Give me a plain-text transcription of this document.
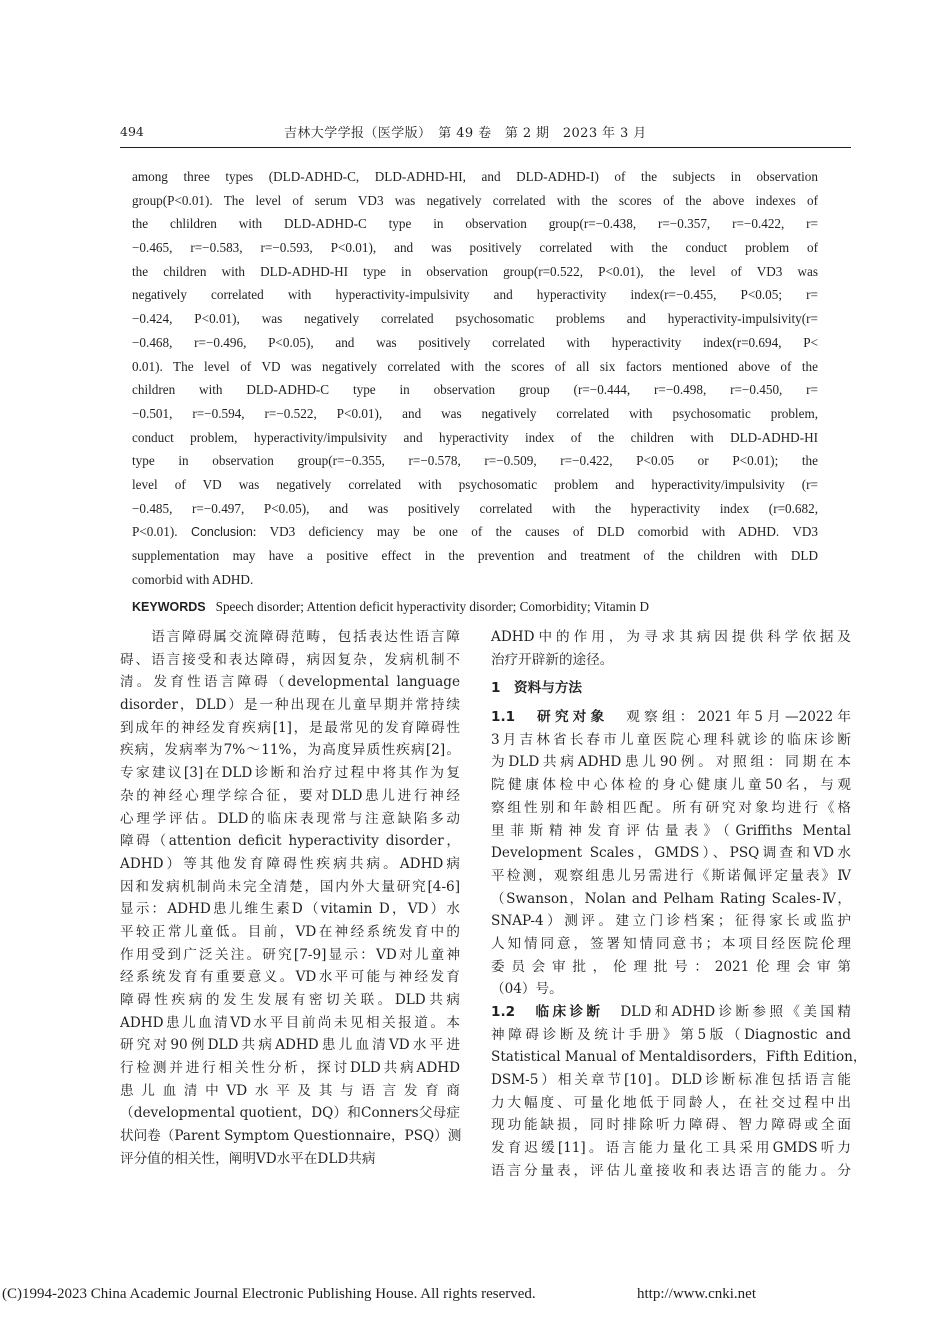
494	吉林大学学报（医学版）　第 49 卷　第 2 期　2023 年 3 月
among three types (DLD-ADHD-C, DLD-ADHD-HI, and DLD-ADHD-I) of the subjects in observation
group(P<0.01). The level of serum VD3 was negatively correlated with the scores of the above indexes of
the chlildren with DLD-ADHD-C type in observation group(r=−0.438, r=−0.357, r=−0.422, r=
−0.465, r=−0.583, r=−0.593, P<0.01), and was positively correlated with the conduct problem of
the children with DLD-ADHD-HI type in observation group(r=0.522, P<0.01), the level of VD3 was
negatively correlated with hyperactivity-impulsivity and hyperactivity index(r=−0.455, P<0.05; r=
−0.424, P<0.01), was negatively correlated psychosomatic problems and hyperactivity-impulsivity(r=
−0.468, r=−0.496, P<0.05), and was positively correlated with hyperactivity index(r=0.694, P<
0.01). The level of VD was negatively correlated with the scores of all six factors mentioned above of the
children with DLD-ADHD-C type in observation group (r=−0.444, r=−0.498, r=−0.450, r=
−0.501, r=−0.594, r=−0.522, P<0.01), and was negatively correlated with psychosomatic problem,
conduct problem, hyperactivity/impulsivity and hyperactivity index of the children with DLD-ADHD-HI
type in observation group(r=−0.355, r=−0.578, r=−0.509, r=−0.422, P<0.05 or P<0.01); the
level of VD was negatively correlated with psychosomatic problem and hyperactivity/impulsivity (r=
−0.485, r=−0.497, P<0.05), and was positively correlated with the hyperactivity index (r=0.682,
P<0.01). Conclusion: VD3 deficiency may be one of the causes of DLD comorbid with ADHD. VD3
supplementation may have a positive effect in the prevention and treatment of the children with DLD
comorbid with ADHD.
KEYWORDS Speech disorder; Attention deficit hyperactivity disorder; Comorbidity; Vitamin D
　　语言障碍属交流障碍范畴，包括表达性语言障
碍、语言接受和表达障碍，病因复杂，发病机制不
清。发育性语言障碍（developmental language
disorder，DLD）是一种出现在儿童早期并常持续
到成年的神经发育疾病[1]，是最常见的发育障碍性
疾病，发病率为7%～11%，为高度异质性疾病[2]。
专家建议[3]在DLD诊断和治疗过程中将其作为复
杂的神经心理学综合征，要对DLD患儿进行神经
心理学评估。DLD的临床表现常与注意缺陷多动
障碍（attention deficit hyperactivity disorder，
ADHD）等其他发育障碍性疾病共病。ADHD病
因和发病机制尚未完全清楚，国内外大量研究[4-6]
显示：ADHD患儿维生素D（vitamin D，VD）水
平较正常儿童低。目前，VD在神经系统发育中的
作用受到广泛关注。研究[7-9]显示：VD对儿童神
经系统发育有重要意义。VD水平可能与神经发育
障碍性疾病的发生发展有密切关联。DLD共病
ADHD患儿血清VD水平目前尚未见相关报道。本
研究对90例DLD共病ADHD患儿血清VD水平进
行检测并进行相关性分析，探讨DLD共病ADHD
患儿血清中VD水平及其与语言发育商
（developmental quotient，DQ）和Conners父母症
状问卷（Parent Symptom Questionnaire，PSQ）测
评分值的相关性，阐明VD水平在DLD共病
ADHD中的作用，为寻求其病因提供科学依据及
治疗开辟新的途径。
1　资料与方法
1.1　研究对象　观察组：2021年5月—2022年
3月吉林省长春市儿童医院心理科就诊的临床诊断
为DLD共病ADHD患儿90例。对照组：同期在本
院健康体检中心体检的身心健康儿童50名，与观
察组性别和年龄相匹配。所有研究对象均进行《格
里菲斯精神发育评估量表》（Griffiths Mental
Development Scales，GMDS）、PSQ调查和VD水
平检测，观察组患儿另需进行《斯诺佩评定量表》Ⅳ
（Swanson，Nolan and Pelham Rating Scales-Ⅳ，
SNAP-4）测评。建立门诊档案；征得家长或监护
人知情同意，签署知情同意书；本项目经医院伦理
委员会审批，伦理批号：2021伦理会审第
（04）号。
1.2　临床诊断　DLD和ADHD诊断参照《美国精
神障碍诊断及统计手册》第5版（Diagnostic and
Statistical Manual of Mentaldisorders，Fifth Edition，
DSM-5）相关章节[10]。DLD诊断标准包括语言能
力大幅度、可量化地低于同龄人，在社交过程中出
现功能缺损，同时排除听力障碍、智力障碍或全面
发育迟缓[11]。语言能力量化工具采用GMDS听力
语言分量表，评估儿童接收和表达语言的能力。分
(C)1994-2023 China Academic Journal Electronic Publishing House. All rights reserved.	http://www.cnki.net
